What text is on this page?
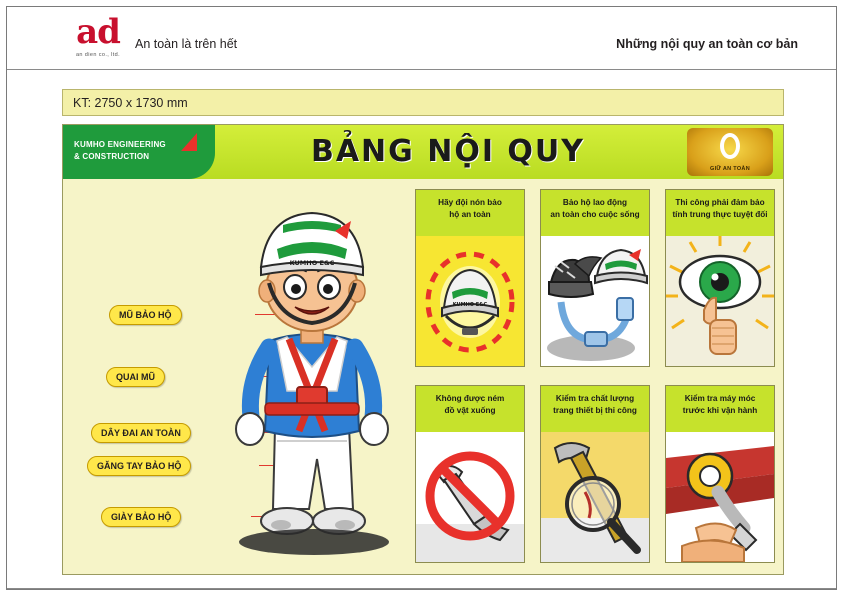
ad
an dien co., ltd.
An toàn là trên hết	Những nội quy an toàn cơ bản
KT: 2750 x 1730 mm
KUMHO ENGINEERING
& CONSTRUCTION	BẢNG NỘI QUY	GIỮ AN TOÀN
MŨ BẢO HỘ
QUAI MŨ
DÂY ĐAI AN TOÀN
GĂNG TAY BẢO HỘ
GIÀY BẢO HỘ
KUMHO E&C
Hãy đội nón bảo
hộ an toàn
KUMHO E&C
Bảo hộ lao động
an toàn cho cuộc sống
Thi công phải đảm bảo
tính trung thực tuyệt đối
Không được ném
đồ vật xuống
Kiểm tra chất lượng
trang thiết bị thi công
Kiểm tra máy móc
trước khi vận hành
